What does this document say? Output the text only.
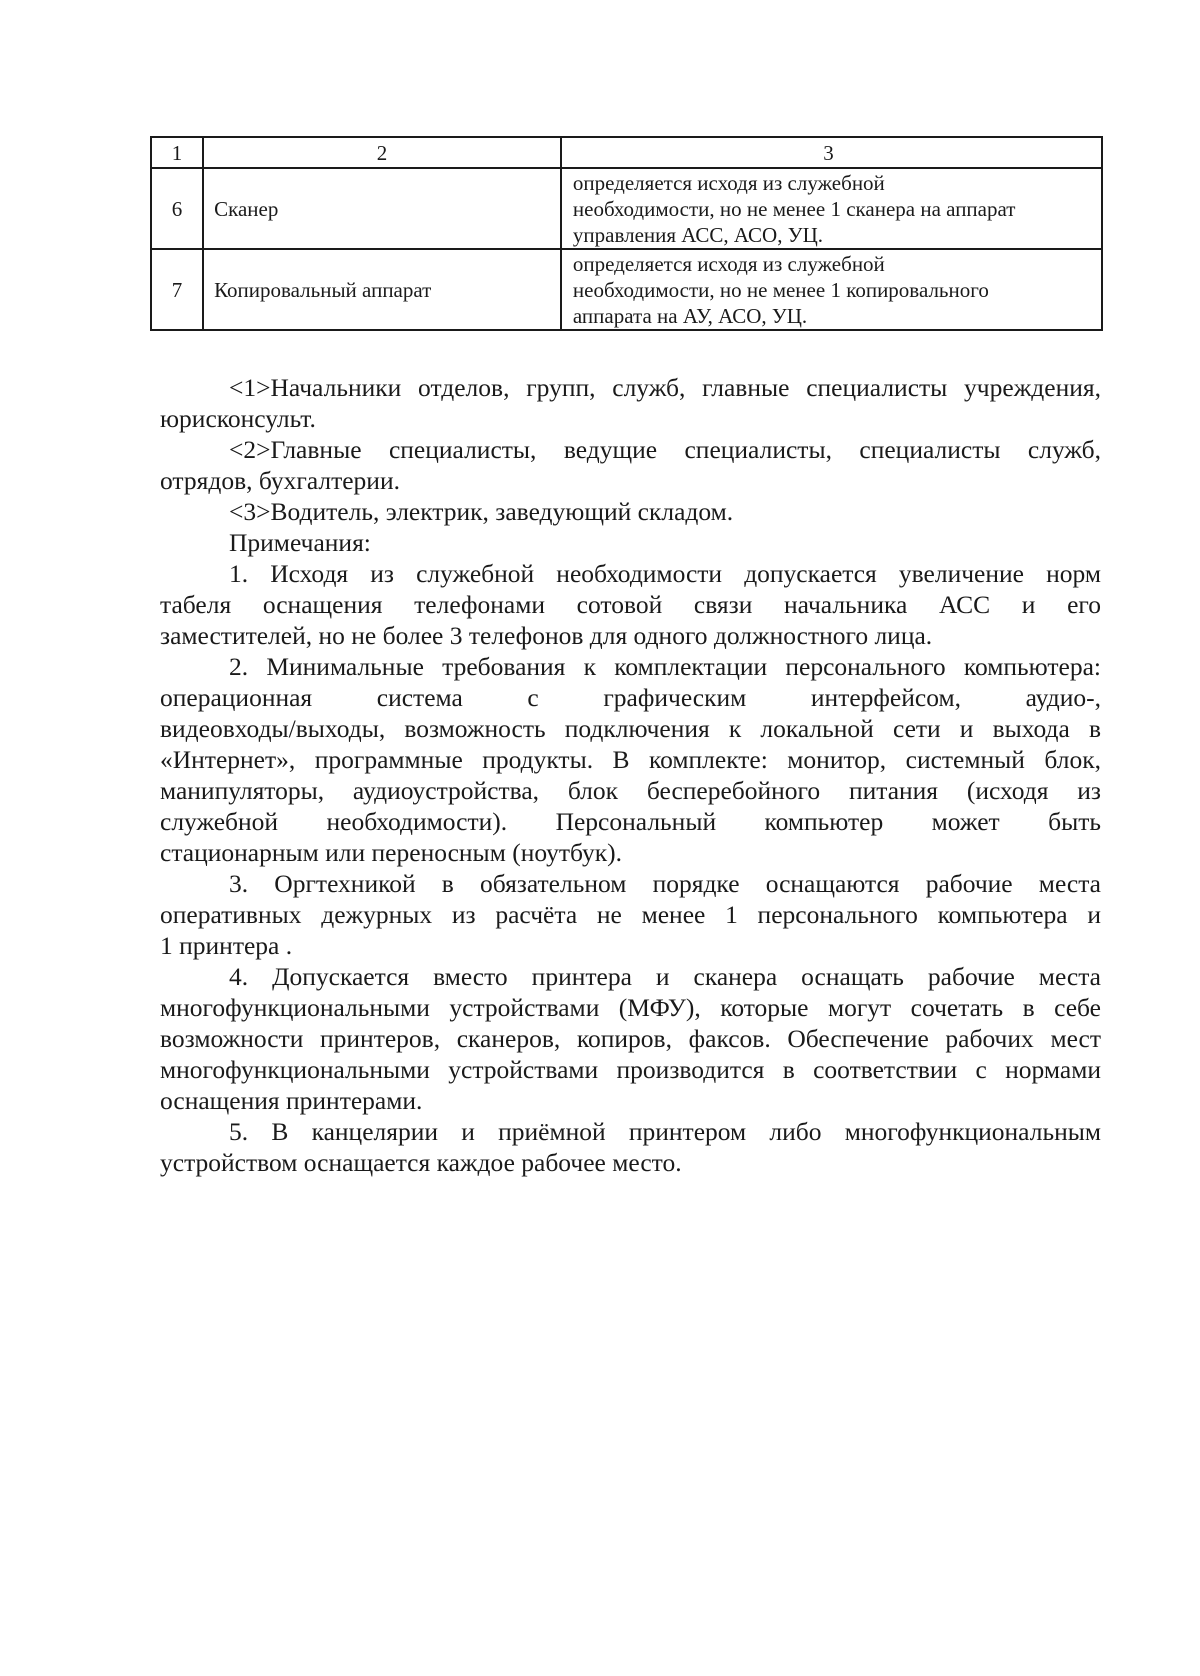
1	2	3
6	Сканер	определяется исходя из служебной
необходимости, но не менее 1 сканера на аппарат
управления АСС, АСО, УЦ.

7	Копировальный аппарат	определяется исходя из служебной
необходимости, но не менее 1 копировального
аппарата на АУ, АСО, УЦ.

<1>Начальники отделов, групп, служб, главные специалисты учреждения,
юрисконсульт.

<2>Главные специалисты, ведущие специалисты, специалисты служб,
отрядов, бухгалтерии.

<3>Водитель, электрик, заведующий складом.

Примечания:

1. Исходя из служебной необходимости допускается увеличение норм
табеля оснащения телефонами сотовой связи начальника АСС и его
заместителей, но не более 3 телефонов для одного должностного лица.

2. Минимальные требования к комплектации персонального компьютера:
операционная система с графическим интерфейсом, аудио-,
видеовходы/выходы, возможность подключения к локальной сети и выхода в
«Интернет», программные продукты. В комплекте: монитор, системный блок,
манипуляторы, аудиоустройства, блок бесперебойного питания (исходя из
служебной необходимости). Персональный компьютер может быть
стационарным или переносным (ноутбук).

3. Оргтехникой в обязательном порядке оснащаются рабочие места
оперативных дежурных из расчёта не менее 1 персонального компьютера и
1 принтера .

4. Допускается вместо принтера и сканера оснащать рабочие места
многофункциональными устройствами (МФУ), которые могут сочетать в себе
возможности принтеров, сканеров, копиров, факсов. Обеспечение рабочих мест
многофункциональными устройствами производится в соответствии с нормами
оснащения принтерами.

5. В канцелярии и приёмной принтером либо многофункциональным
устройством оснащается каждое рабочее место.
